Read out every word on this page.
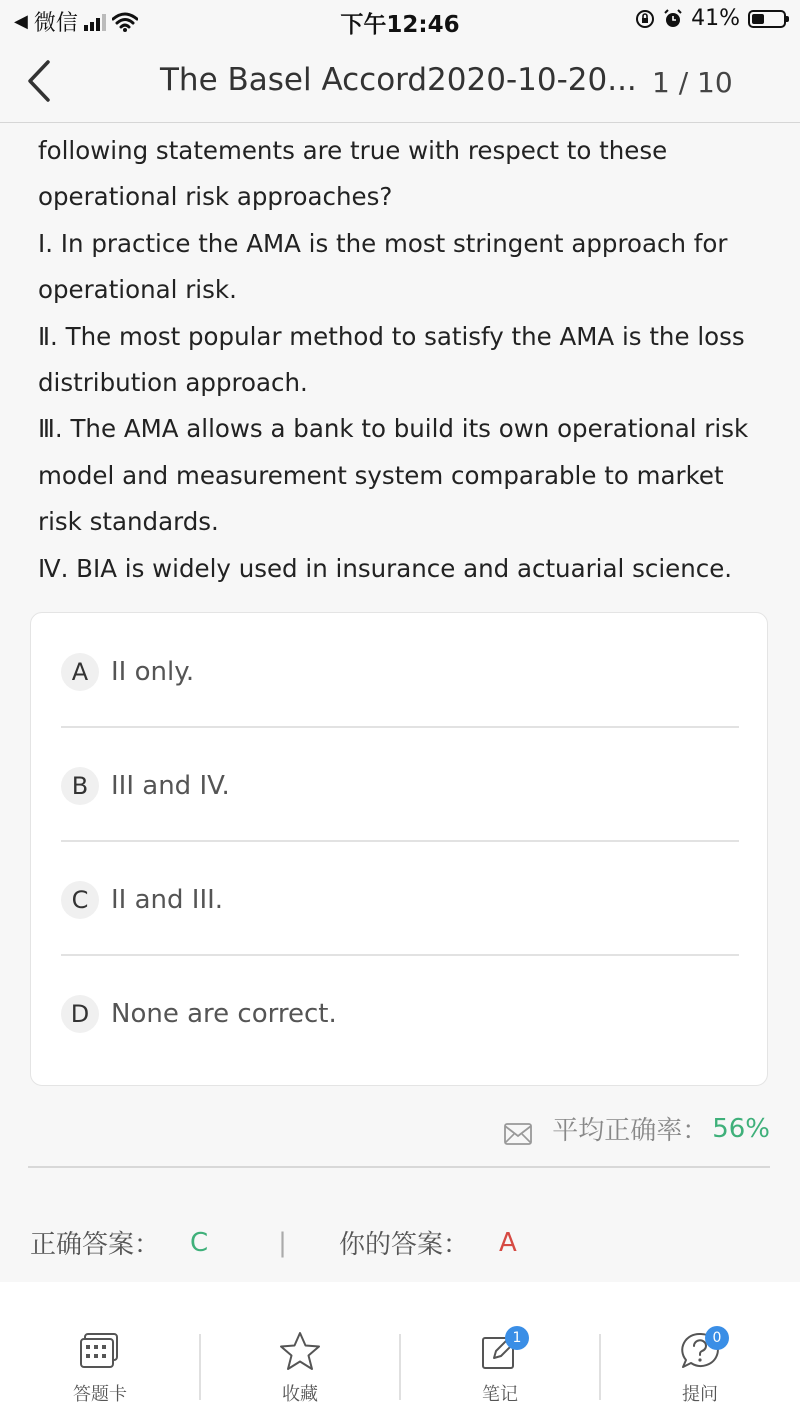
◀ 微信	下午12:46	41%
The Basel Accord2020-10-20... 1 / 10

following statements are true with respect to these operational risk approaches?

Ⅰ. In practice the AMA is the most stringent approach for operational risk.

Ⅱ. The most popular method to satisfy the AMA is the loss distribution approach.

Ⅲ. The AMA allows a bank to build its own operational risk model and measurement system comparable to market risk standards.

Ⅳ. BIA is widely used in insurance and actuarial science.

A II only.
B III and IV.
C II and III.
D None are correct.
平均正确率： 56%
正确答案： C	| 你的答案： A
答题卡	收藏
1
笔记
0
提问
